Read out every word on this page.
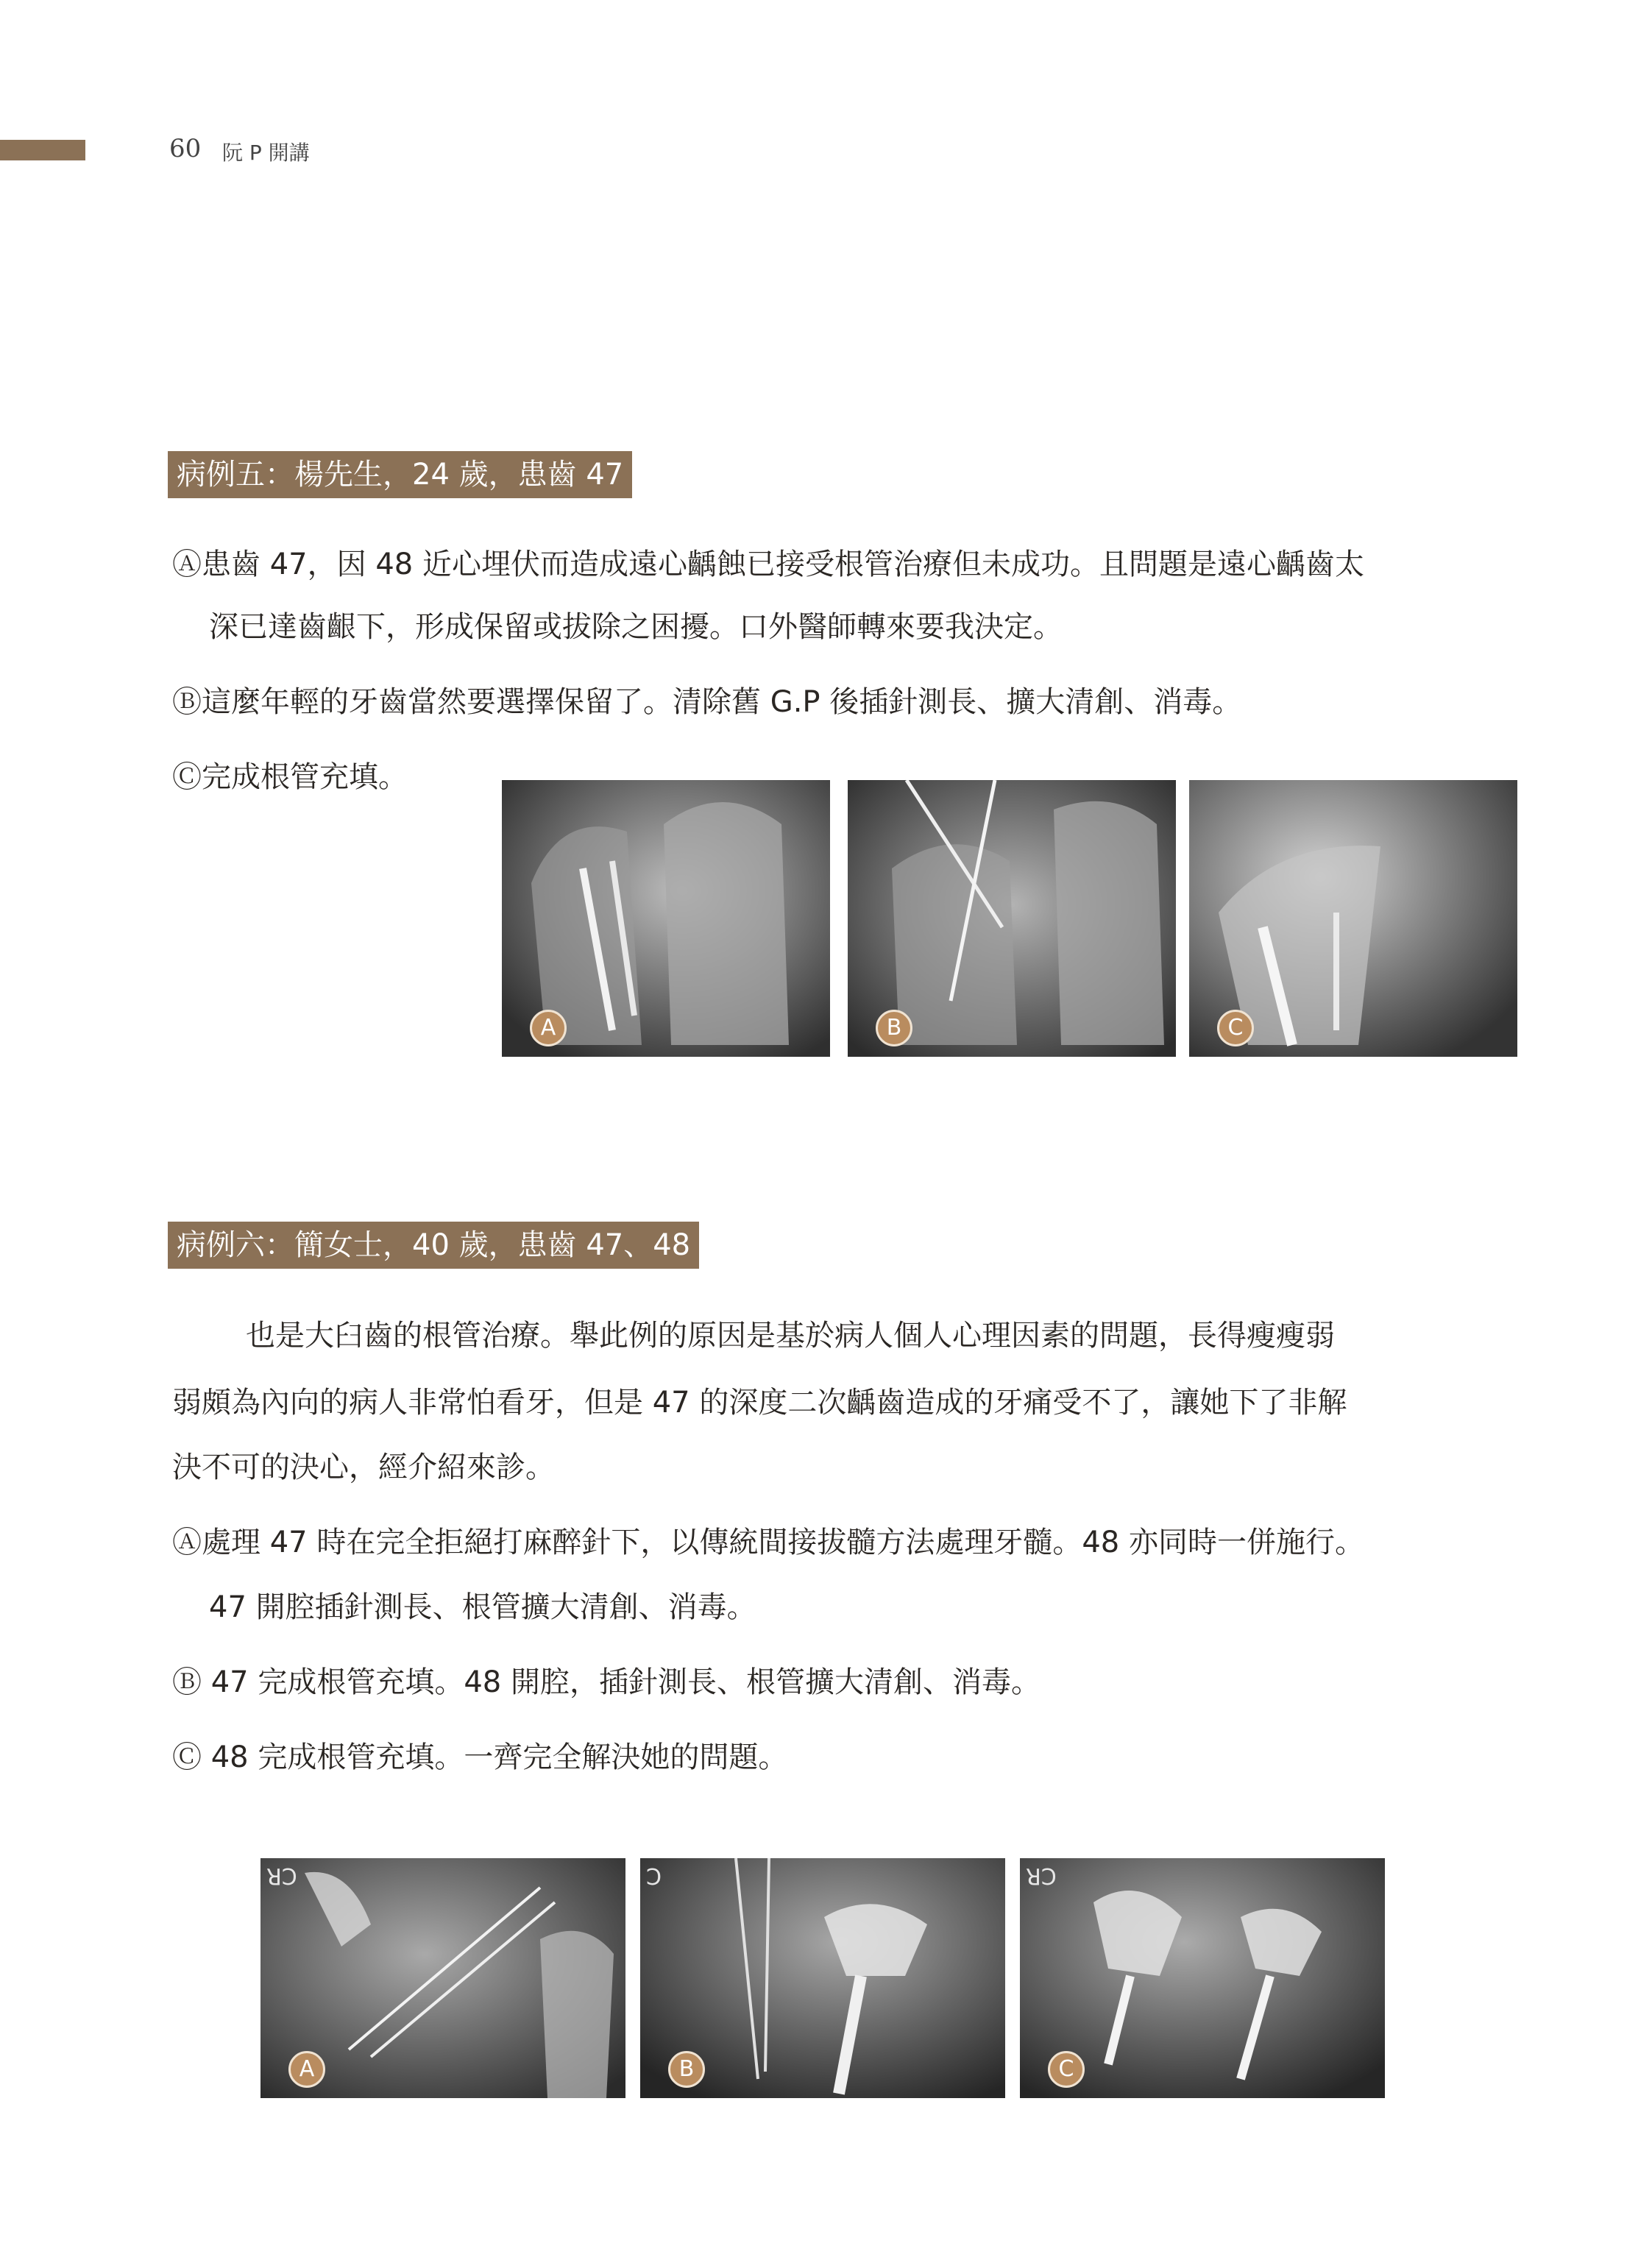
60 阮 P 開講
病例五：楊先生，24 歲，患齒 47
Ⓐ患齒 47，因 48 近心埋伏而造成遠心齲蝕已接受根管治療但未成功。且問題是遠心齲齒太
深已達齒齦下，形成保留或拔除之困擾。口外醫師轉來要我決定。
Ⓑ這麼年輕的牙齒當然要選擇保留了。清除舊 G.P 後插針測長、擴大清創、消毒。
Ⓒ完成根管充填。
A	B	C
病例六：簡女士，40 歲，患齒 47、48
也是大臼齒的根管治療。舉此例的原因是基於病人個人心理因素的問題，長得瘦瘦弱
弱頗為內向的病人非常怕看牙，但是 47 的深度二次齲齒造成的牙痛受不了，讓她下了非解
決不可的決心，經介紹來診。
Ⓐ處理 47 時在完全拒絕打麻醉針下，以傳統間接拔髓方法處理牙髓。48 亦同時一併施行。
47 開腔插針測長、根管擴大清創、消毒。
Ⓑ 47 完成根管充填。48 開腔，插針測長、根管擴大清創、消毒。
Ⓒ 48 完成根管充填。一齊完全解決她的問題。
CR
A
C
B
CR
C
